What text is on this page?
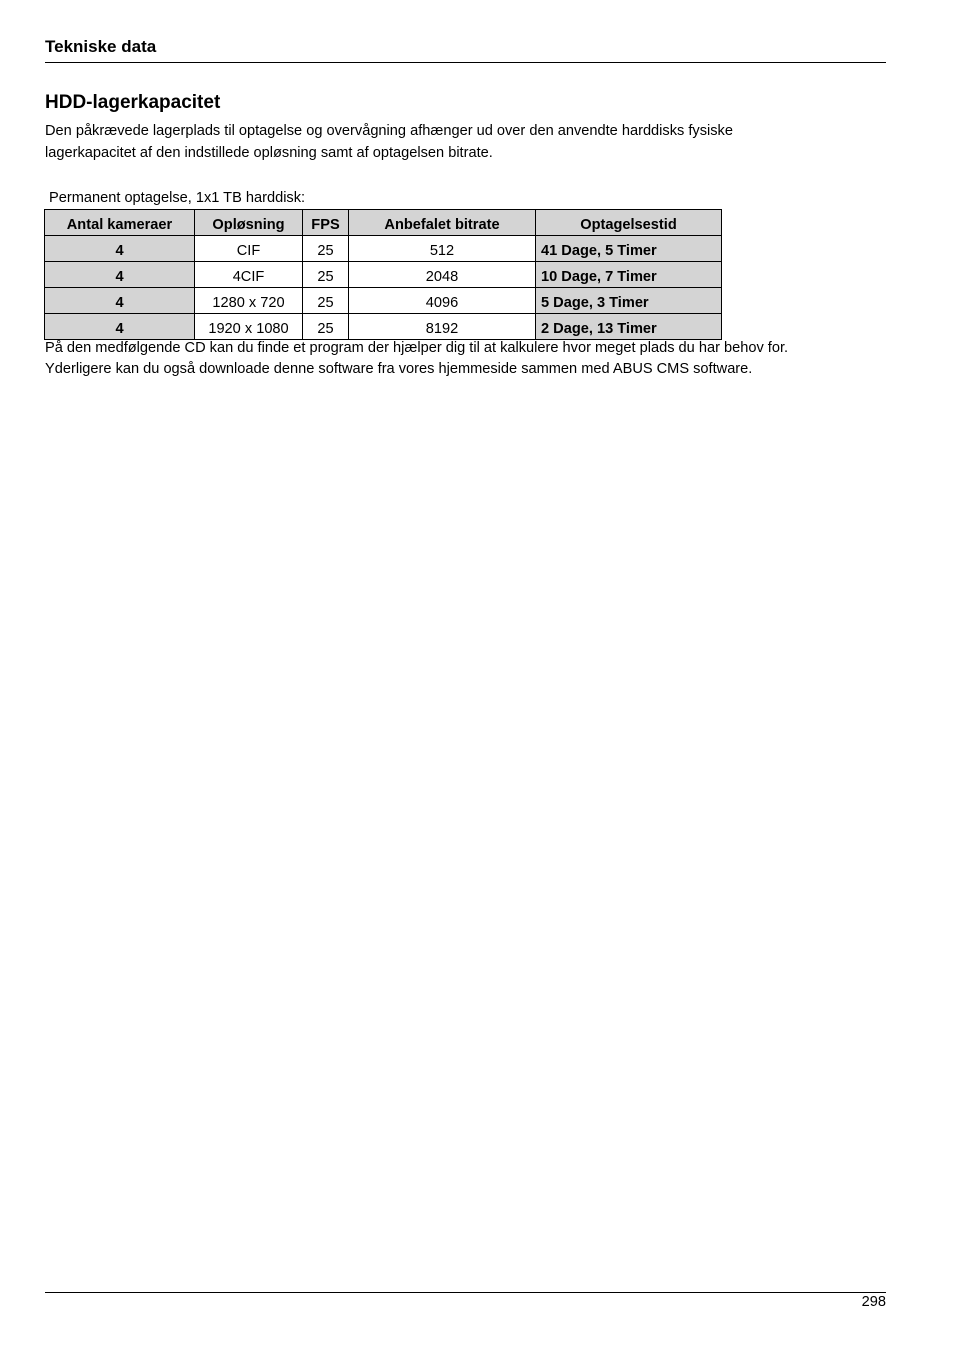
Tekniske data
HDD-lagerkapacitet

Den påkrævede lagerplads til optagelse og overvågning afhænger ud over den anvendte harddisks fysiske
lagerkapacitet af den indstillede opløsning samt af optagelsen bitrate.

Permanent optagelse, 1x1 TB harddisk:
Antal kameraer	Opløsning	FPS	Anbefalet bitrate	Optagelsestid
4	CIF	25	512	41 Dage, 5 Timer
4	4CIF	25	2048	10 Dage, 7 Timer
4	1280 x 720	25	4096	5 Dage, 3 Timer
4	1920 x 1080	25	8192	2 Dage, 13 Timer

På den medfølgende CD kan du finde et program der hjælper dig til at kalkulere hvor meget plads du har behov for.
Yderligere kan du også downloade denne software fra vores hjemmeside sammen med ABUS CMS software.

298
